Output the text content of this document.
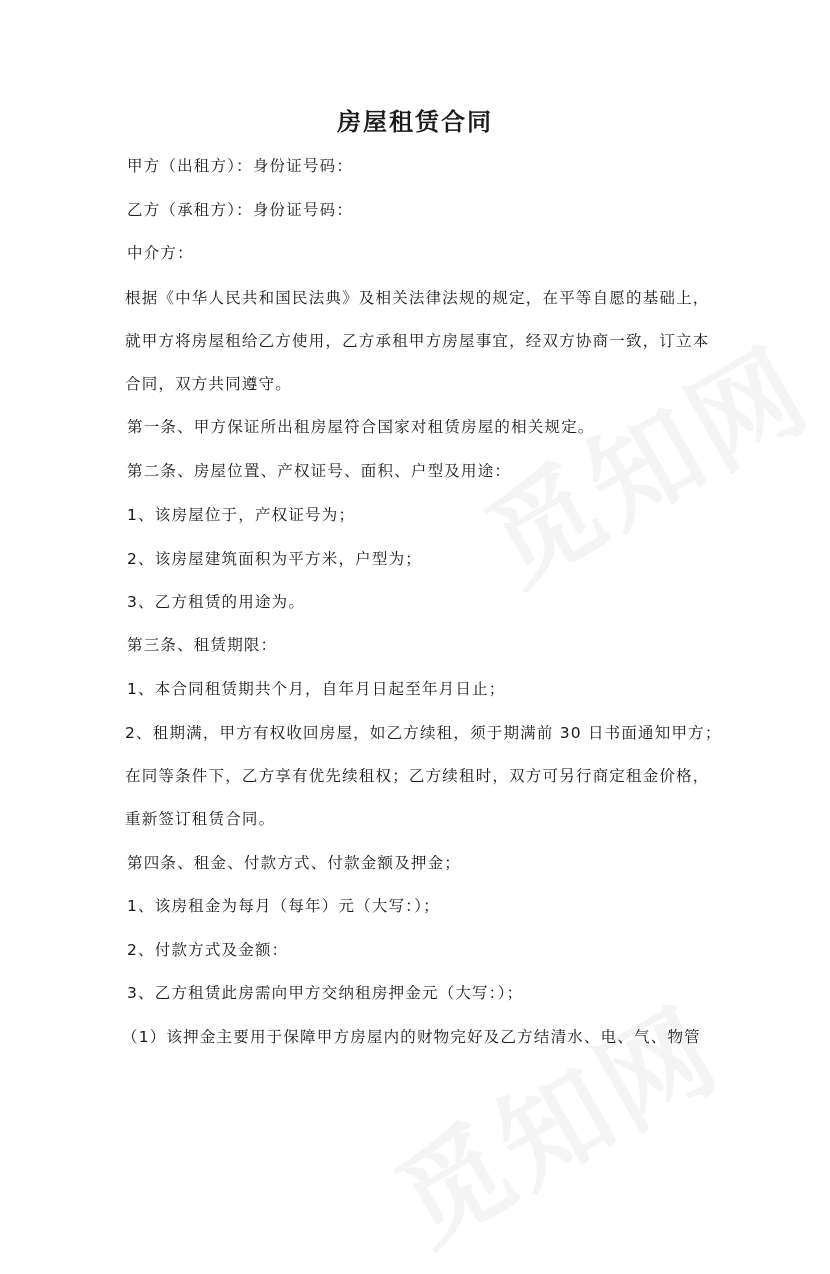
房屋租赁合同
甲方（出租方）：身份证号码：
乙方（承租方）：身份证号码：
中介方：
根据《中华人民共和国民法典》及相关法律法规的规定，在平等自愿的基础上，
就甲方将房屋租给乙方使用，乙方承租甲方房屋事宜，经双方协商一致，订立本
合同，双方共同遵守。
第一条、甲方保证所出租房屋符合国家对租赁房屋的相关规定。
第二条、房屋位置、产权证号、面积、户型及用途：
1、该房屋位于，产权证号为；
2、该房屋建筑面积为平方米，户型为；
3、乙方租赁的用途为。
第三条、租赁期限：
1、本合同租赁期共个月，自年月日起至年月日止；
2、租期满，甲方有权收回房屋，如乙方续租，须于期满前 30 日书面通知甲方；
在同等条件下，乙方享有优先续租权；乙方续租时，双方可另行商定租金价格，
重新签订租赁合同。
第四条、租金、付款方式、付款金额及押金；
1、该房租金为每月（每年）元（大写：）；
2、付款方式及金额：
3、乙方租赁此房需向甲方交纳租房押金元（大写：）；
（1）该押金主要用于保障甲方房屋内的财物完好及乙方结清水、电、气、物管
